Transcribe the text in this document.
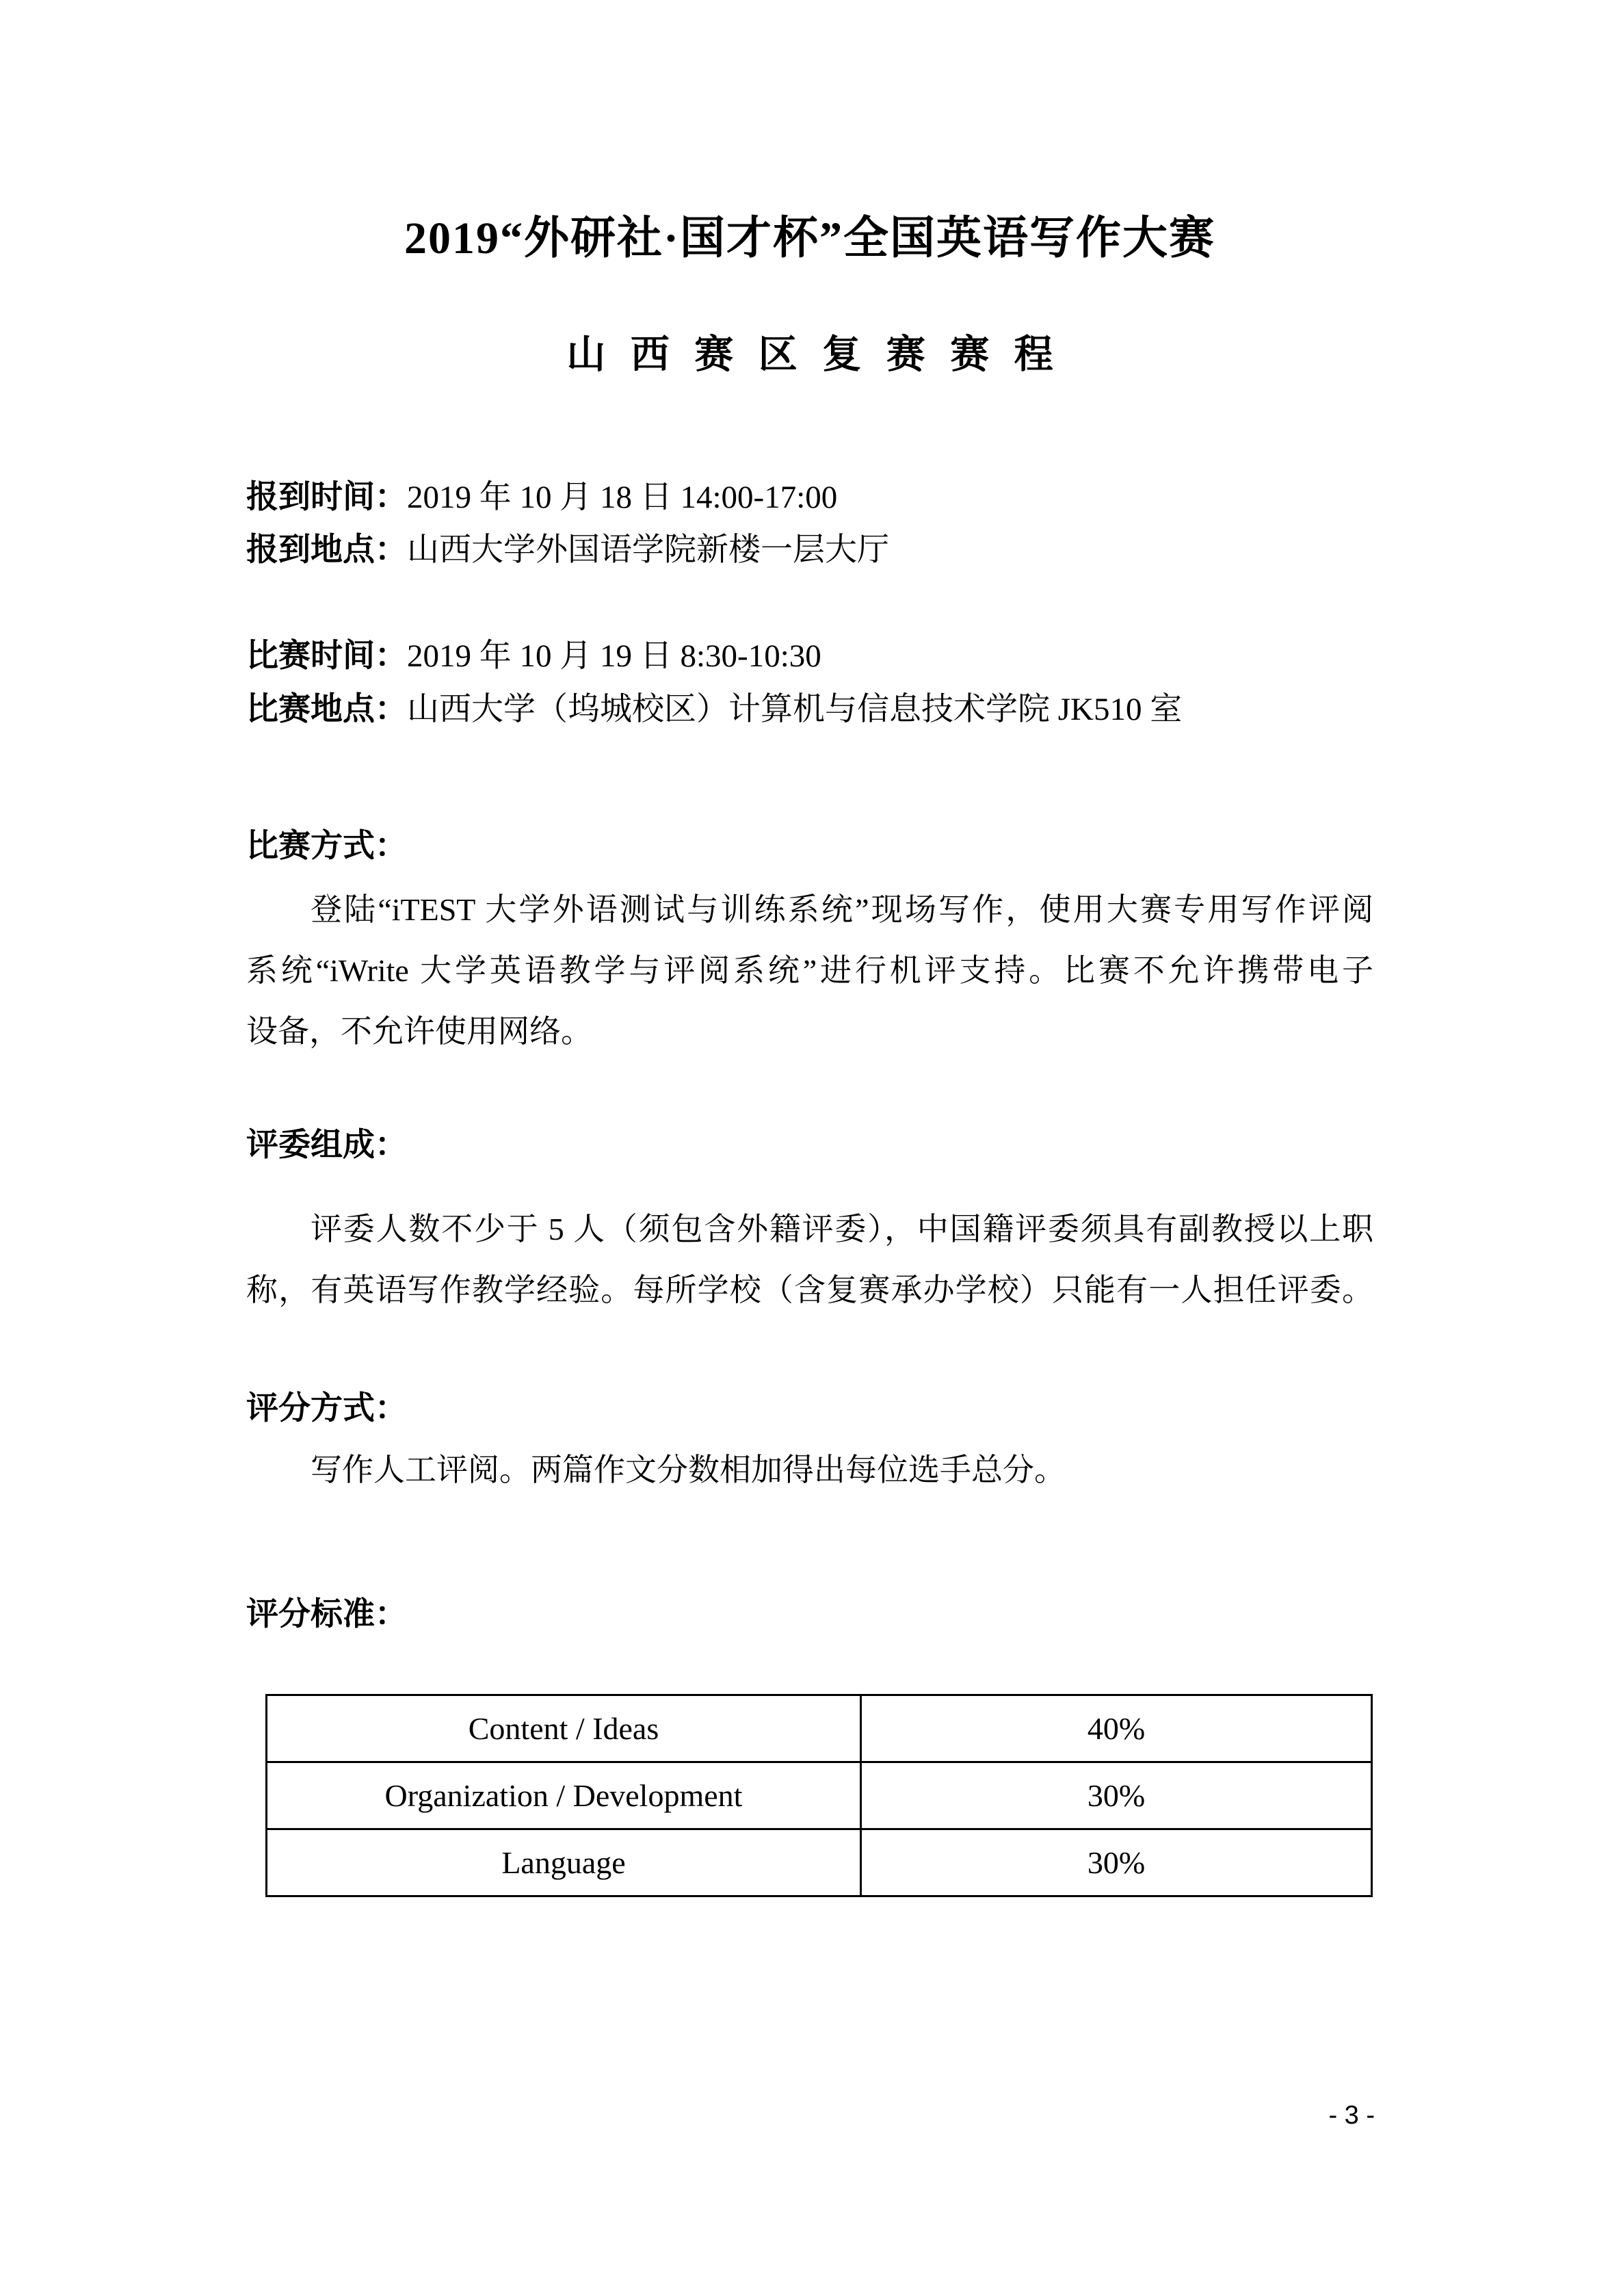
2019“外研社·国才杯”全国英语写作大赛
山西赛区复赛赛程
报到时间：2019 年 10 月 18 日 14:00-17:00
报到地点：山西大学外国语学院新楼一层大厅
比赛时间：2019 年 10 月 19 日 8:30-10:30
比赛地点：山西大学（坞城校区）计算机与信息技术学院 JK510 室
比赛方式：
登陆“iTEST 大学外语测试与训练系统”现场写作，使用大赛专用写作评阅
系统“iWrite 大学英语教学与评阅系统”进行机评支持。比赛不允许携带电子
设备，不允许使用网络。
评委组成：
评委人数不少于 5 人（须包含外籍评委），中国籍评委须具有副教授以上职
称，有英语写作教学经验。每所学校（含复赛承办学校）只能有一人担任评委。
评分方式：
写作人工评阅。两篇作文分数相加得出每位选手总分。
评分标准：
Content / Ideas	40%
Organization / Development	30%
Language	30%
- 3 -
